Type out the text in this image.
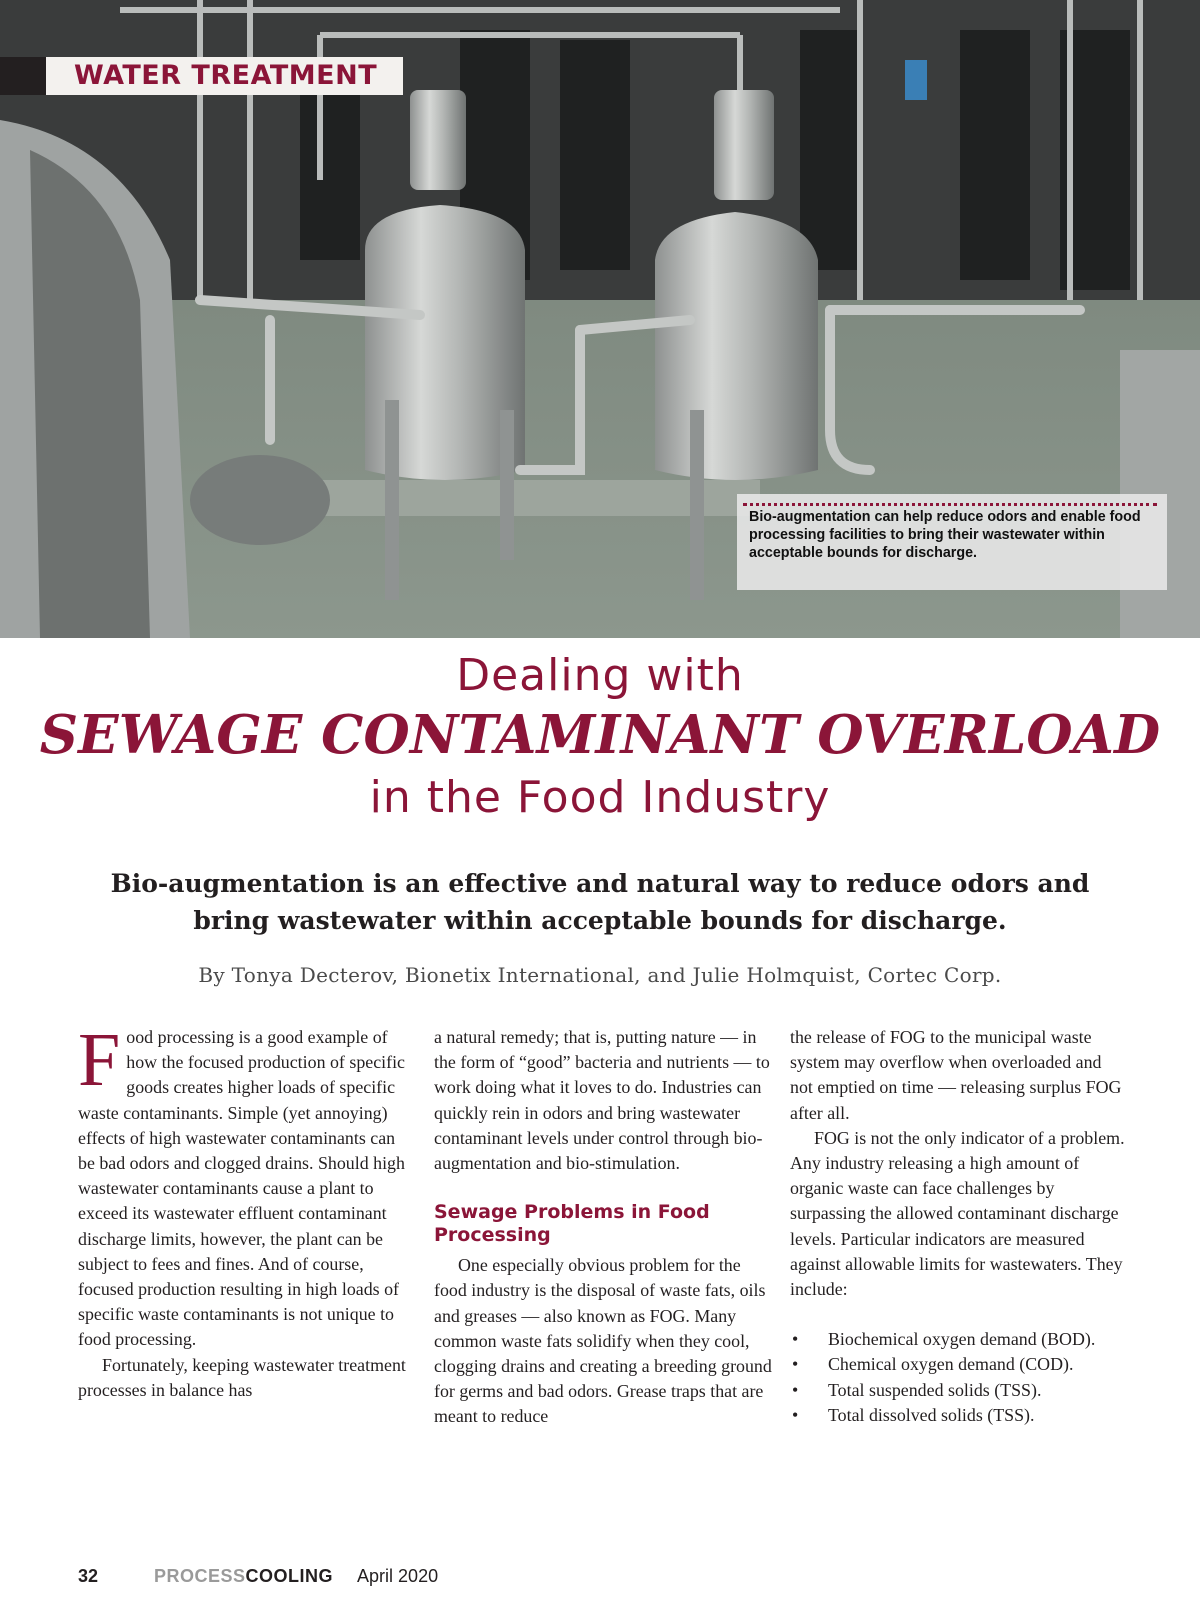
WATER TREATMENT

Bio-augmentation can help reduce odors and enable food processing facilities to bring their wastewater within acceptable bounds for discharge.

Dealing with
SEWAGE CONTAMINANT OVERLOAD
in the Food Industry
Bio-augmentation is an effective and natural way to reduce odors and bring wastewater within acceptable bounds for discharge.
By Tonya Decterov, Bionetix International, and Julie Holmquist, Cortec Corp.

Food processing is a good example of how the focused production of specific goods creates higher loads of specific waste contaminants. Simple (yet annoying) effects of high wastewater contaminants can be bad odors and clogged drains. Should high wastewater contaminants cause a plant to exceed its wastewater effluent contaminant discharge limits, however, the plant can be subject to fees and fines. And of course, focused production resulting in high loads of specific waste contaminants is not unique to food processing.

Fortunately, keeping wastewater treatment processes in balance has

a natural remedy; that is, putting nature — in the form of “good” bacteria and nutrients — to work doing what it loves to do. Industries can quickly rein in odors and bring wastewater contaminant levels under control through bio-augmentation and bio-stimulation.

Sewage Problems in Food Processing

One especially obvious problem for the food industry is the disposal of waste fats, oils and greases — also known as FOG. Many common waste fats solidify when they cool, clogging drains and creating a breeding ground for germs and bad odors. Grease traps that are meant to reduce

the release of FOG to the municipal waste system may overflow when overloaded and not emptied on time — releasing surplus FOG after all.

FOG is not the only indicator of a problem. Any industry releasing a high amount of organic waste can face challenges by surpassing the allowed contaminant discharge levels. Particular indicators are measured against allowable limits for wastewaters. They include:

• Biochemical oxygen demand (BOD).
• Chemical oxygen demand (COD).
• Total suspended solids (TSS).
• Total dissolved solids (TSS).
32	PROCESS COOLING April 2020
